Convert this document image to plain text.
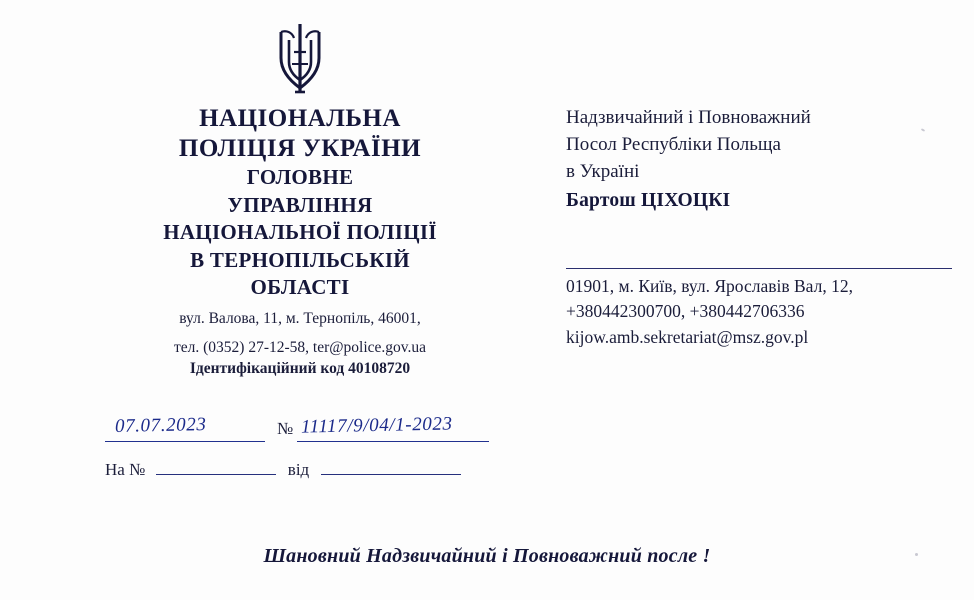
НАЦІОНАЛЬНА
ПОЛІЦІЯ УКРАЇНИ
ГОЛОВНЕ
УПРАВЛІННЯ
НАЦІОНАЛЬНОЇ ПОЛІЦІЇ
В ТЕРНОПІЛЬСЬКІЙ
ОБЛАСТІ
вул. Валова, 11, м. Тернопіль, 46001,
тел. (0352) 27-12-58, ter@police.gov.ua
Ідентифікаційний код 40108720
07.07.2023	№ 11117/9/04/1-2023
На №	від
Надзвичайний і Повноважний
Посол Республіки Польща
в Україні
Бартош ЦІХОЦКІ
01901, м. Київ, вул. Ярославів Вал, 12,
+380442300700, +380442706336
kijow.amb.sekretariat@msz.gov.pl
Шановний Надзвичайний і Повноважний после !
